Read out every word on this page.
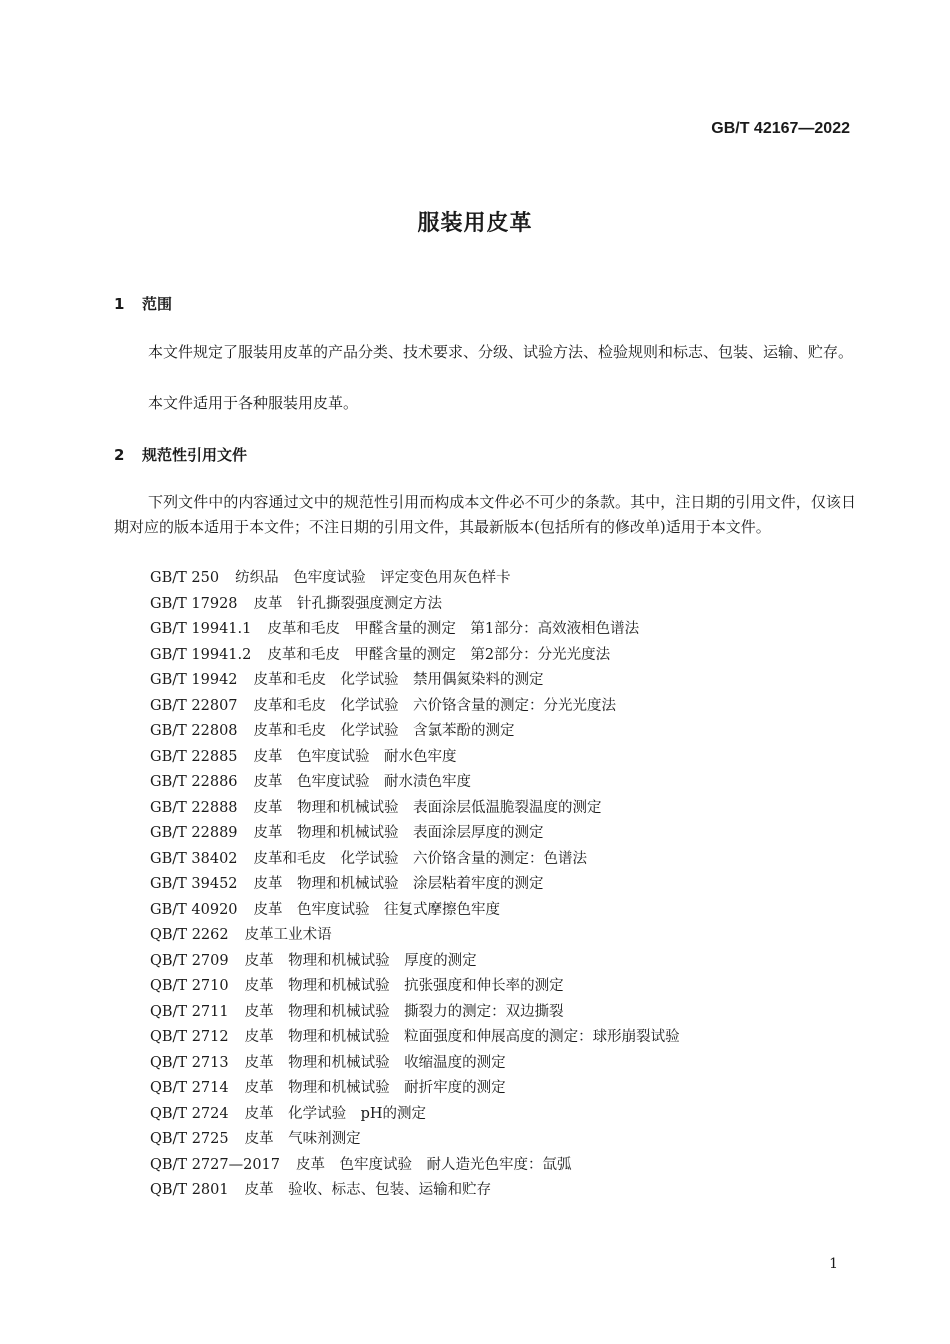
GB/T 42167—2022
服装用皮革
1 范围
本文件规定了服装用皮革的产品分类、技术要求、分级、试验方法、检验规则和标志、包装、运输、贮存。
本文件适用于各种服装用皮革。
2 规范性引用文件
下列文件中的内容通过文中的规范性引用而构成本文件必不可少的条款。其中，注日期的引用文件，仅该日期对应的版本适用于本文件；不注日期的引用文件，其最新版本(包括所有的修改单)适用于本文件。
GB/T 250 纺织品　色牢度试验　评定变色用灰色样卡
GB/T 17928 皮革　针孔撕裂强度测定方法
GB/T 19941.1 皮革和毛皮　甲醛含量的测定　第1部分：高效液相色谱法
GB/T 19941.2 皮革和毛皮　甲醛含量的测定　第2部分：分光光度法
GB/T 19942 皮革和毛皮　化学试验　禁用偶氮染料的测定
GB/T 22807 皮革和毛皮　化学试验　六价铬含量的测定：分光光度法
GB/T 22808 皮革和毛皮　化学试验　含氯苯酚的测定
GB/T 22885 皮革　色牢度试验　耐水色牢度
GB/T 22886 皮革　色牢度试验　耐水渍色牢度
GB/T 22888 皮革　物理和机械试验　表面涂层低温脆裂温度的测定
GB/T 22889 皮革　物理和机械试验　表面涂层厚度的测定
GB/T 38402 皮革和毛皮　化学试验　六价铬含量的测定：色谱法
GB/T 39452 皮革　物理和机械试验　涂层粘着牢度的测定
GB/T 40920 皮革　色牢度试验　往复式摩擦色牢度
QB/T 2262 皮革工业术语
QB/T 2709 皮革　物理和机械试验　厚度的测定
QB/T 2710 皮革　物理和机械试验　抗张强度和伸长率的测定
QB/T 2711 皮革　物理和机械试验　撕裂力的测定：双边撕裂
QB/T 2712 皮革　物理和机械试验　粒面强度和伸展高度的测定：球形崩裂试验
QB/T 2713 皮革　物理和机械试验　收缩温度的测定
QB/T 2714 皮革　物理和机械试验　耐折牢度的测定
QB/T 2724 皮革　化学试验　pH的测定
QB/T 2725 皮革　气味剂测定
QB/T 2727—2017 皮革　色牢度试验　耐人造光色牢度：氙弧
QB/T 2801 皮革　验收、标志、包装、运输和贮存
1
